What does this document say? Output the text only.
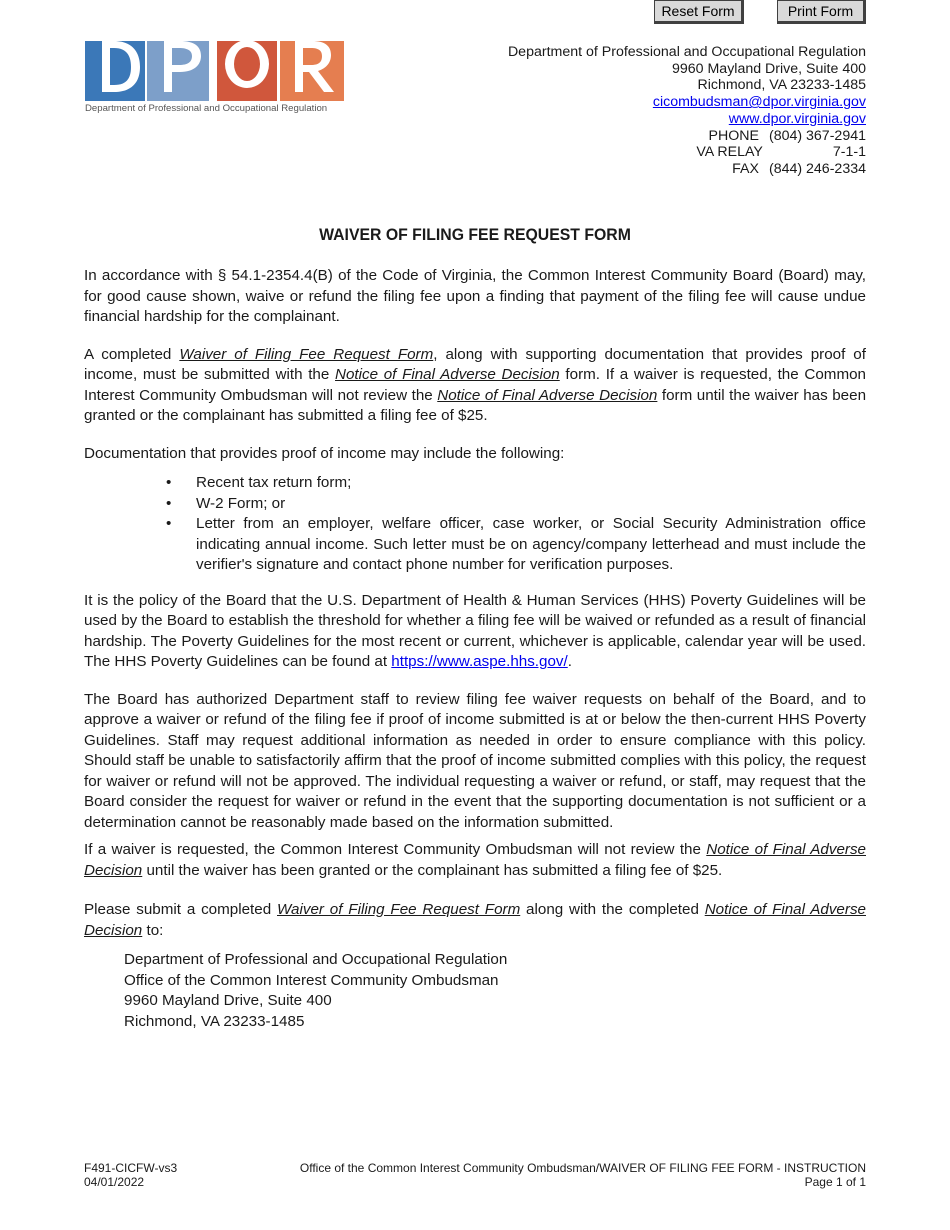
Reset Form	Print Form
Department of Professional and Occupational Regulation
Department of Professional and Occupational Regulation
9960 Mayland Drive, Suite 400
Richmond, VA 23233-1485
cicombudsman@dpor.virginia.gov
www.dpor.virginia.gov
PHONE (804) 367-2941
VA RELAY	7-1-1
FAX (844) 246-2334
WAIVER OF FILING FEE REQUEST FORM

In accordance with § 54.1-2354.4(B) of the Code of Virginia, the Common Interest Community Board (Board) may, for good cause shown, waive or refund the filing fee upon a finding that payment of the filing fee will cause undue financial hardship for the complainant.

A completed Waiver of Filing Fee Request Form, along with supporting documentation that provides proof of income, must be submitted with the Notice of Final Adverse Decision form. If a waiver is requested, the Common Interest Community Ombudsman will not review the Notice of Final Adverse Decision form until the waiver has been granted or the complainant has submitted a filing fee of $25.

Documentation that provides proof of income may include the following:

• Recent tax return form;
• W-2 Form; or
• Letter from an employer, welfare officer, case worker, or Social Security Administration office indicating annual income. Such letter must be on agency/company letterhead and must include the verifier's signature and contact phone number for verification purposes.

It is the policy of the Board that the U.S. Department of Health & Human Services (HHS) Poverty Guidelines will be used by the Board to establish the threshold for whether a filing fee will be waived or refunded as a result of financial hardship. The Poverty Guidelines for the most recent or current, whichever is applicable, calendar year will be used. The HHS Poverty Guidelines can be found at https://www.aspe.hhs.gov/.

The Board has authorized Department staff to review filing fee waiver requests on behalf of the Board, and to approve a waiver or refund of the filing fee if proof of income submitted is at or below the then-current HHS Poverty Guidelines. Staff may request additional information as needed in order to ensure compliance with this policy. Should staff be unable to satisfactorily affirm that the proof of income submitted complies with this policy, the request for waiver or refund will not be approved. The individual requesting a waiver or refund, or staff, may request that the Board consider the request for waiver or refund in the event that the supporting documentation is not sufficient or a determination cannot be reasonably made based on the information submitted.

If a waiver is requested, the Common Interest Community Ombudsman will not review the Notice of Final Adverse Decision until the waiver has been granted or the complainant has submitted a filing fee of $25.

Please submit a completed Waiver of Filing Fee Request Form along with the completed Notice of Final Adverse Decision to:

Department of Professional and Occupational Regulation
Office of the Common Interest Community Ombudsman
9960 Mayland Drive, Suite 400
Richmond, VA 23233-1485
F491-CICFW-vs3
04/01/2022
Office of the Common Interest Community Ombudsman/WAIVER OF FILING FEE FORM - INSTRUCTION
Page 1 of 1
